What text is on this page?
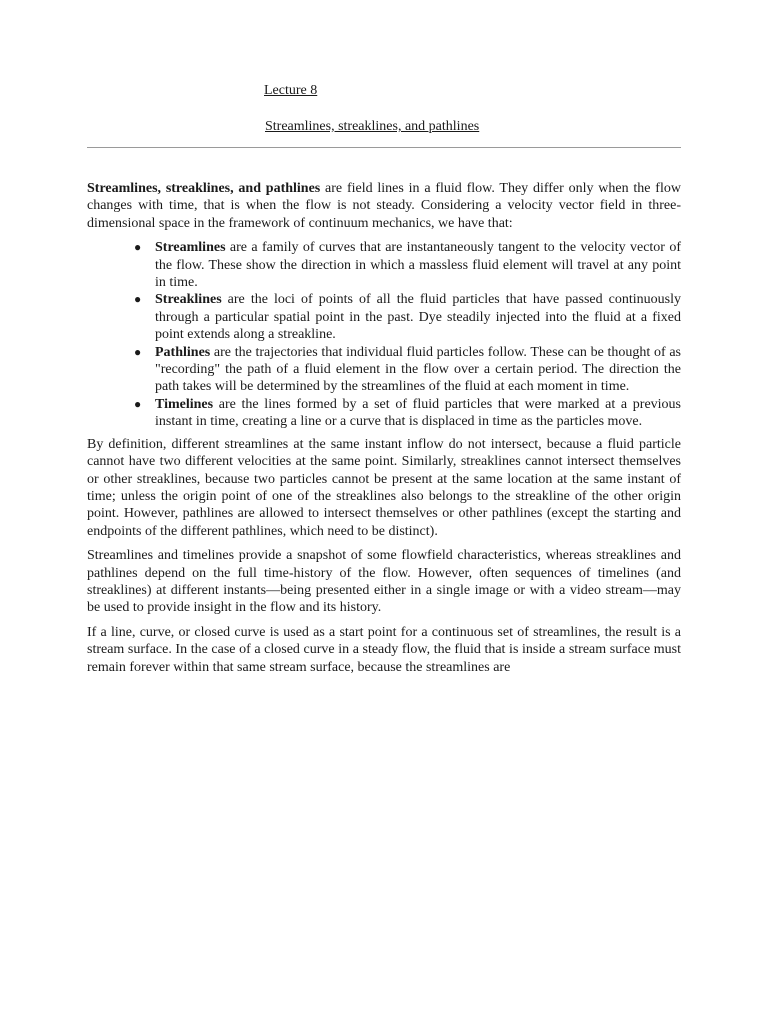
Lecture 8
Streamlines, streaklines, and pathlines

Streamlines, streaklines, and pathlines are field lines in a fluid flow. They differ only when the flow changes with time, that is when the flow is not steady. Considering a velocity vector field in three-dimensional space in the framework of continuum mechanics, we have that:

● Streamlines are a family of curves that are instantaneously tangent to the velocity vector of the flow. These show the direction in which a massless fluid element will travel at any point in time.
● Streaklines are the loci of points of all the fluid particles that have passed continuously through a particular spatial point in the past. Dye steadily injected into the fluid at a fixed point extends along a streakline.
● Pathlines are the trajectories that individual fluid particles follow. These can be thought of as "recording" the path of a fluid element in the flow over a certain period. The direction the path takes will be determined by the streamlines of the fluid at each moment in time.
● Timelines are the lines formed by a set of fluid particles that were marked at a previous instant in time, creating a line or a curve that is displaced in time as the particles move.

By definition, different streamlines at the same instant inflow do not intersect, because a fluid particle cannot have two different velocities at the same point. Similarly, streaklines cannot intersect themselves or other streaklines, because two particles cannot be present at the same location at the same instant of time; unless the origin point of one of the streaklines also belongs to the streakline of the other origin point. However, pathlines are allowed to intersect themselves or other pathlines (except the starting and endpoints of the different pathlines, which need to be distinct).

Streamlines and timelines provide a snapshot of some flowfield characteristics, whereas streaklines and pathlines depend on the full time-history of the flow. However, often sequences of timelines (and streaklines) at different instants—being presented either in a single image or with a video stream—may be used to provide insight in the flow and its history.

If a line, curve, or closed curve is used as a start point for a continuous set of streamlines, the result is a stream surface. In the case of a closed curve in a steady flow, the fluid that is inside a stream surface must remain forever within that same stream surface, because the streamlines are
